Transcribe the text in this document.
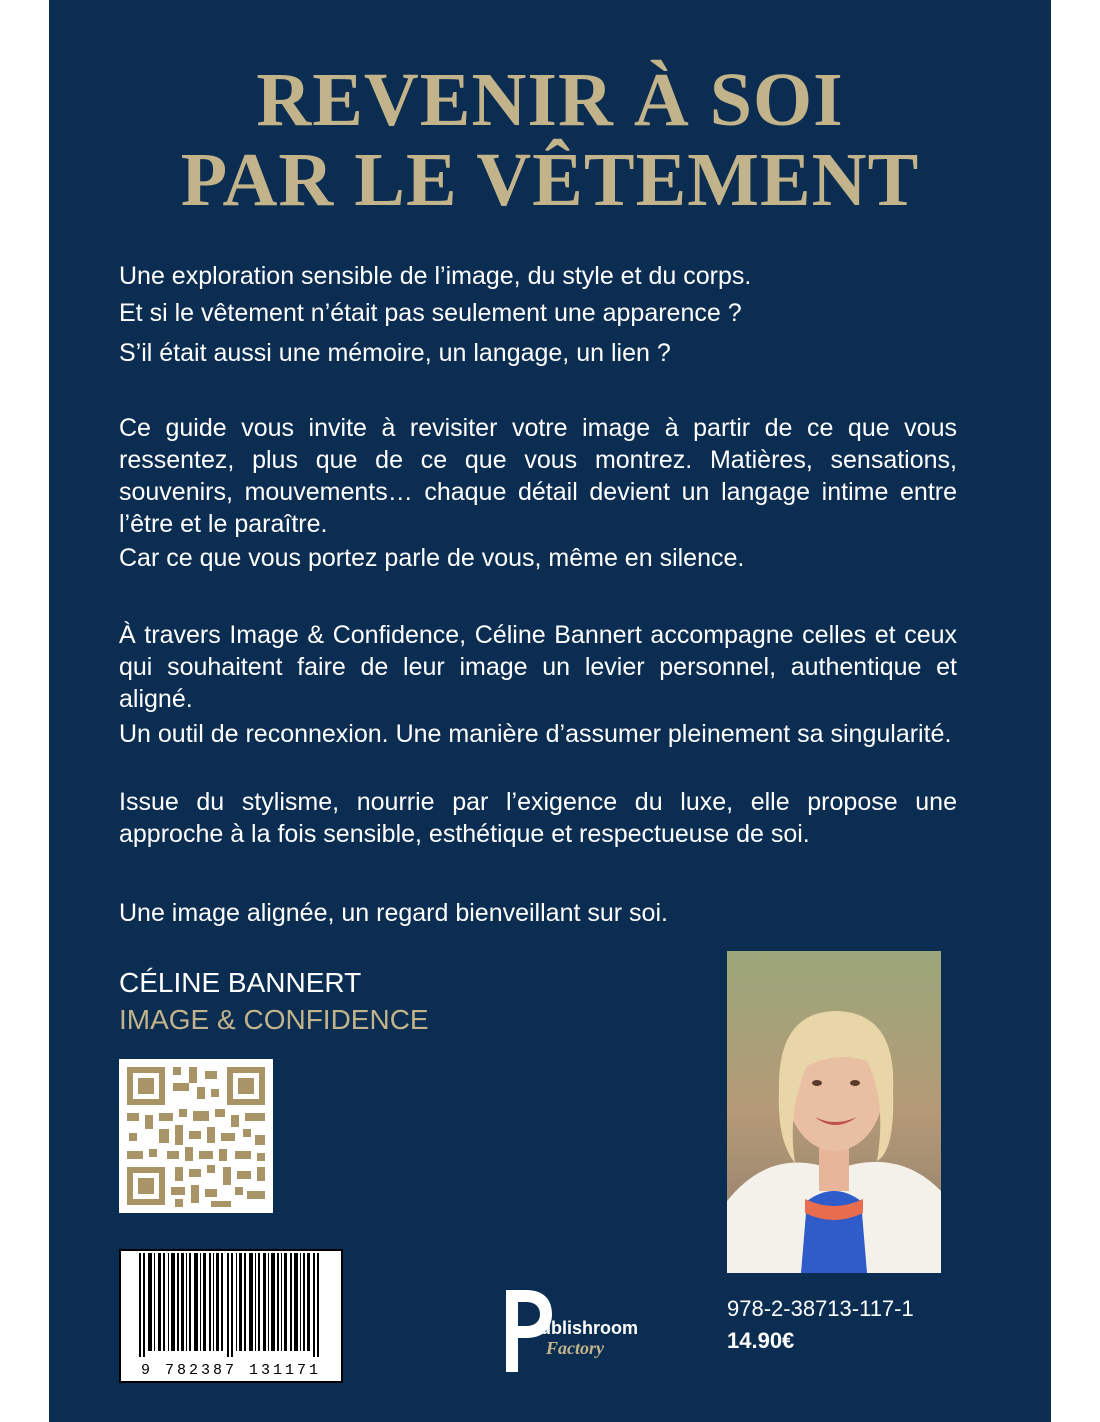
REVENIR À SOI
PAR LE VÊTEMENT

Une exploration sensible de l’image, du style et du corps.

Et si le vêtement n’était pas seulement une apparence ?

S’il était aussi une mémoire, un langage, un lien ?

Ce guide vous invite à revisiter votre image à partir de ce que vous ressentez, plus que de ce que vous montrez. Matières, sensations, souvenirs, mouvements… chaque détail devient un langage intime entre l’être et le paraître.

Car ce que vous portez parle de vous, même en silence.

À travers Image & Confidence, Céline Bannert accompagne celles et ceux qui souhaitent faire de leur image un levier personnel, authentique et aligné.

Un outil de reconnexion. Une manière d’assumer pleinement sa singularité.

Issue du stylisme, nourrie par l’exigence du luxe, elle propose une approche à la fois sensible, esthétique et respectueuse de soi.

Une image alignée, un regard bienveillant sur soi.

CÉLINE BANNERT

IMAGE & CONFIDENCE

9 782387 131171
ublishroom
Factory

978-2-38713-117-1

14.90€
